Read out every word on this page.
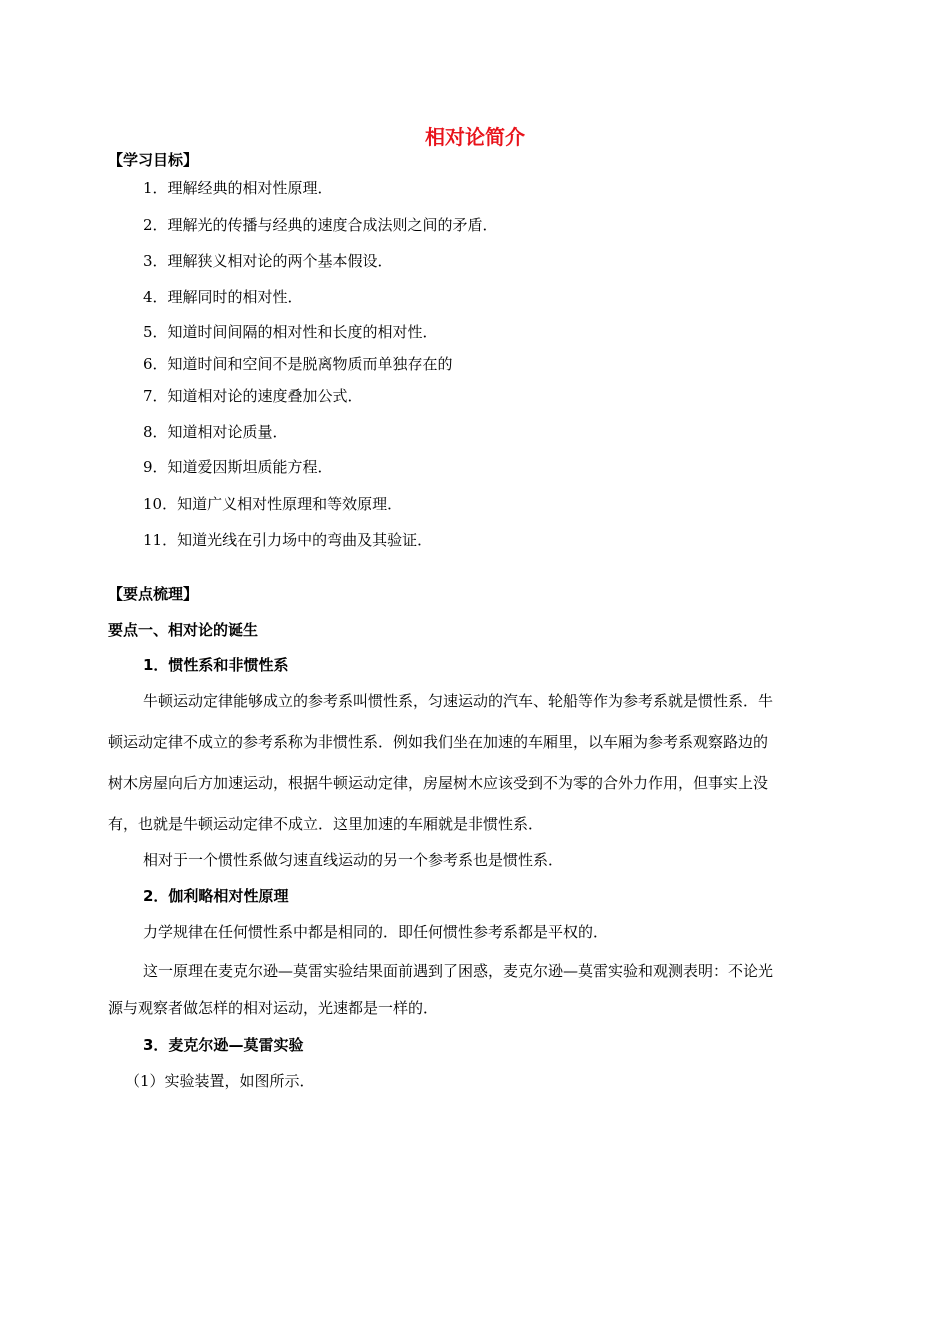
相对论简介
【学习目标】
1．理解经典的相对性原理．
2．理解光的传播与经典的速度合成法则之间的矛盾．
3．理解狭义相对论的两个基本假设．
4．理解同时的相对性．
5．知道时间间隔的相对性和长度的相对性．
6．知道时间和空间不是脱离物质而单独存在的
7．知道相对论的速度叠加公式．
8．知道相对论质量．
9．知道爱因斯坦质能方程．
10．知道广义相对性原理和等效原理．
11．知道光线在引力场中的弯曲及其验证．
【要点梳理】
要点一、相对论的诞生
1．惯性系和非惯性系
牛顿运动定律能够成立的参考系叫惯性系，匀速运动的汽车、轮船等作为参考系就是惯性系．牛
顿运动定律不成立的参考系称为非惯性系．例如我们坐在加速的车厢里，以车厢为参考系观察路边的
树木房屋向后方加速运动，根据牛顿运动定律，房屋树木应该受到不为零的合外力作用，但事实上没
有，也就是牛顿运动定律不成立．这里加速的车厢就是非惯性系．
相对于一个惯性系做匀速直线运动的另一个参考系也是惯性系．
2．伽利略相对性原理
力学规律在任何惯性系中都是相同的．即任何惯性参考系都是平权的．
这一原理在麦克尔逊—莫雷实验结果面前遇到了困惑，麦克尔逊—莫雷实验和观测表明：不论光
源与观察者做怎样的相对运动，光速都是一样的．
3．麦克尔逊—莫雷实验
（1）实验装置，如图所示．
